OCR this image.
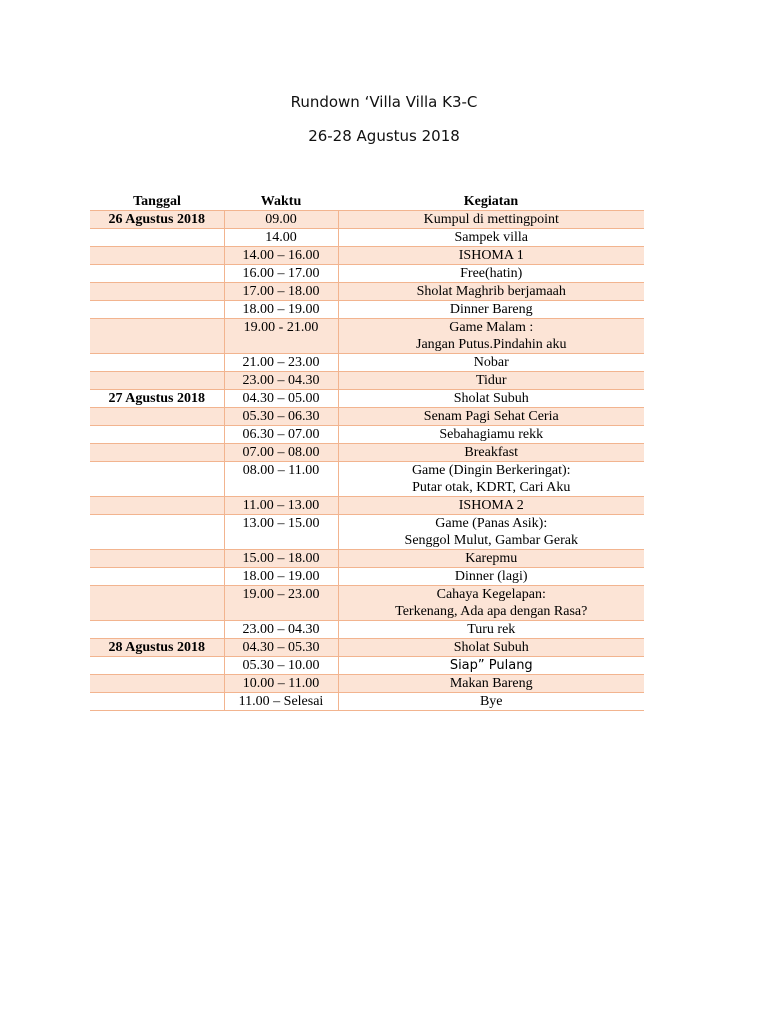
Rundown ‘Villa Villa K3-C
26-28 Agustus 2018
Tanggal	Waktu	Kegiatan
26 Agustus 2018	09.00	Kumpul di mettingpoint

	14.00	Sampek villa

	14.00 – 16.00	ISHOMA 1

	16.00 – 17.00	Free(hatin)

	17.00 – 18.00	Sholat Maghrib berjamaah

	18.00 – 19.00	Dinner Bareng

	19.00 - 21.00	Game Malam :
Jangan Putus.Pindahin aku

	21.00 – 23.00	Nobar

	23.00 – 04.30	Tidur

27 Agustus 2018	04.30 – 05.00	Sholat Subuh

	05.30 – 06.30	Senam Pagi Sehat Ceria

	06.30 – 07.00	Sebahagiamu rekk

	07.00 – 08.00	Breakfast

	08.00 – 11.00	Game (Dingin Berkeringat):
Putar otak, KDRT, Cari Aku

	11.00 – 13.00	ISHOMA 2

	13.00 – 15.00	Game (Panas Asik):
Senggol Mulut, Gambar Gerak

	15.00 – 18.00	Karepmu

	18.00 – 19.00	Dinner (lagi)

	19.00 – 23.00	Cahaya Kegelapan:
Terkenang, Ada apa dengan Rasa?

	23.00 – 04.30	Turu rek

28 Agustus 2018	04.30 – 05.30	Sholat Subuh

	05.30 – 10.00	Siap” Pulang

	10.00 – 11.00	Makan Bareng

	11.00 – Selesai	Bye
